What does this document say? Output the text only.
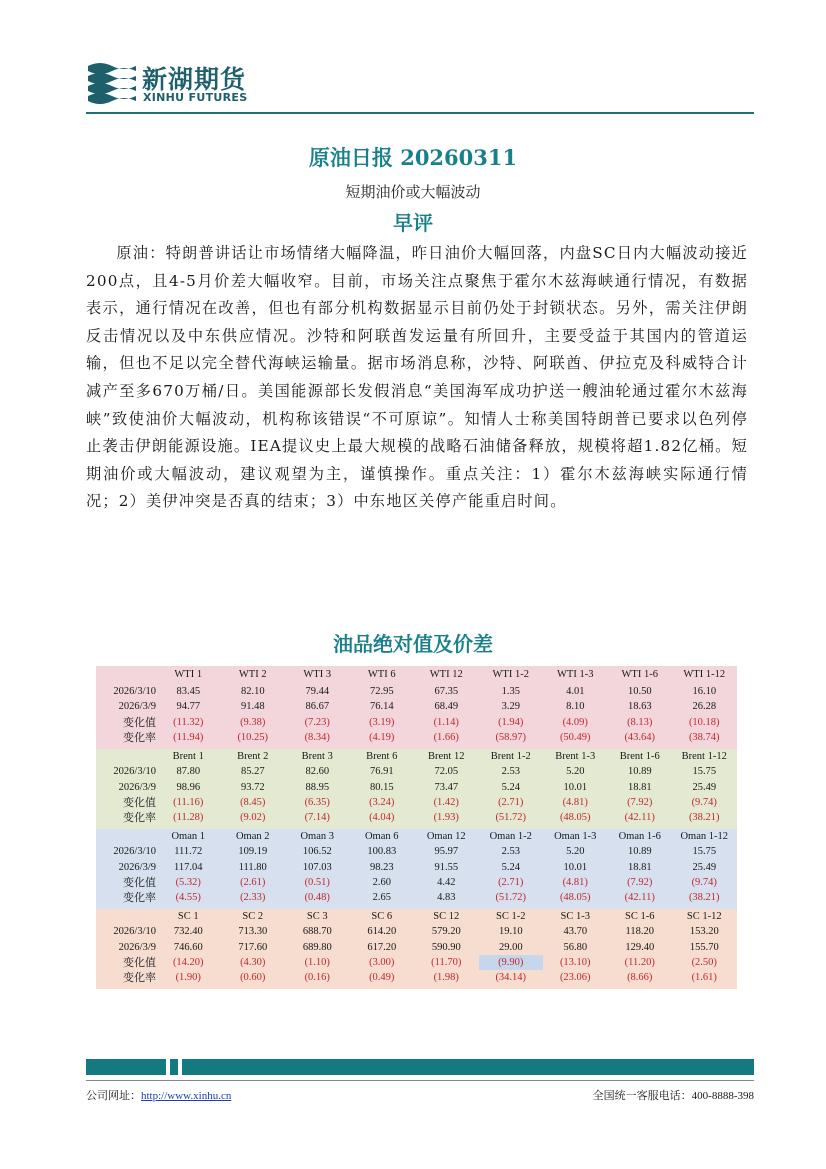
新湖期货
XINHU FUTURES
原油日报 20260311
短期油价或大幅波动
早评
原油：特朗普讲话让市场情绪大幅降温，昨日油价大幅回落，内盘SC日内大幅波动接近200点，且4-5月价差大幅收窄。目前，市场关注点聚焦于霍尔木兹海峡通行情况，有数据表示，通行情况在改善，但也有部分机构数据显示目前仍处于封锁状态。另外，需关注伊朗反击情况以及中东供应情况。沙特和阿联酋发运量有所回升，主要受益于其国内的管道运输，但也不足以完全替代海峡运输量。据市场消息称，沙特、阿联酋、伊拉克及科威特合计减产至多670万桶/日。美国能源部长发假消息“美国海军成功护送一艘油轮通过霍尔木兹海峡”致使油价大幅波动，机构称该错误“不可原谅”。知情人士称美国特朗普已要求以色列停止袭击伊朗能源设施。IEA提议史上最大规模的战略石油储备释放，规模将超1.82亿桶。短期油价或大幅波动，建议观望为主，谨慎操作。重点关注：1）霍尔木兹海峡实际通行情况；2）美伊冲突是否真的结束；3）中东地区关停产能重启时间。
油品绝对值及价差
WTI 1	WTI 2	WTI 3	WTI 6	WTI 12	WTI 1-2	WTI 1-3	WTI 1-6	WTI 1-12
2026/3/10	83.45	82.10	79.44	72.95	67.35	1.35	4.01	10.50	16.10
2026/3/9	94.77	91.48	86.67	76.14	68.49	3.29	8.10	18.63	26.28
变化值	(11.32)	(9.38)	(7.23)	(3.19)	(1.14)	(1.94)	(4.09)	(8.13)	(10.18)
变化率	(11.94)	(10.25)	(8.34)	(4.19)	(1.66)	(58.97)	(50.49)	(43.64)	(38.74)
Brent 1	Brent 2	Brent 3	Brent 6	Brent 12	Brent 1-2	Brent 1-3	Brent 1-6	Brent 1-12
2026/3/10	87.80	85.27	82.60	76.91	72.05	2.53	5.20	10.89	15.75
2026/3/9	98.96	93.72	88.95	80.15	73.47	5.24	10.01	18.81	25.49
变化值	(11.16)	(8.45)	(6.35)	(3.24)	(1.42)	(2.71)	(4.81)	(7.92)	(9.74)
变化率	(11.28)	(9.02)	(7.14)	(4.04)	(1.93)	(51.72)	(48.05)	(42.11)	(38.21)
Oman 1	Oman 2	Oman 3	Oman 6	Oman 12	Oman 1-2	Oman 1-3	Oman 1-6	Oman 1-12
2026/3/10	111.72	109.19	106.52	100.83	95.97	2.53	5.20	10.89	15.75
2026/3/9	117.04	111.80	107.03	98.23	91.55	5.24	10.01	18.81	25.49
变化值	(5.32)	(2.61)	(0.51)	2.60	4.42	(2.71)	(4.81)	(7.92)	(9.74)
变化率	(4.55)	(2.33)	(0.48)	2.65	4.83	(51.72)	(48.05)	(42.11)	(38.21)
SC 1	SC 2	SC 3	SC 6	SC 12	SC 1-2	SC 1-3	SC 1-6	SC 1-12
2026/3/10	732.40	713.30	688.70	614.20	579.20	19.10	43.70	118.20	153.20
2026/3/9	746.60	717.60	689.80	617.20	590.90	29.00	56.80	129.40	155.70
变化值	(14.20)	(4.30)	(1.10)	(3.00)	(11.70)	(9.90)	(13.10)	(11.20)	(2.50)
变化率	(1.90)	(0.60)	(0.16)	(0.49)	(1.98)	(34.14)	(23.06)	(8.66)	(1.61)
公司网址：http://www.xinhu.cn	全国统一客服电话：400-8888-398
